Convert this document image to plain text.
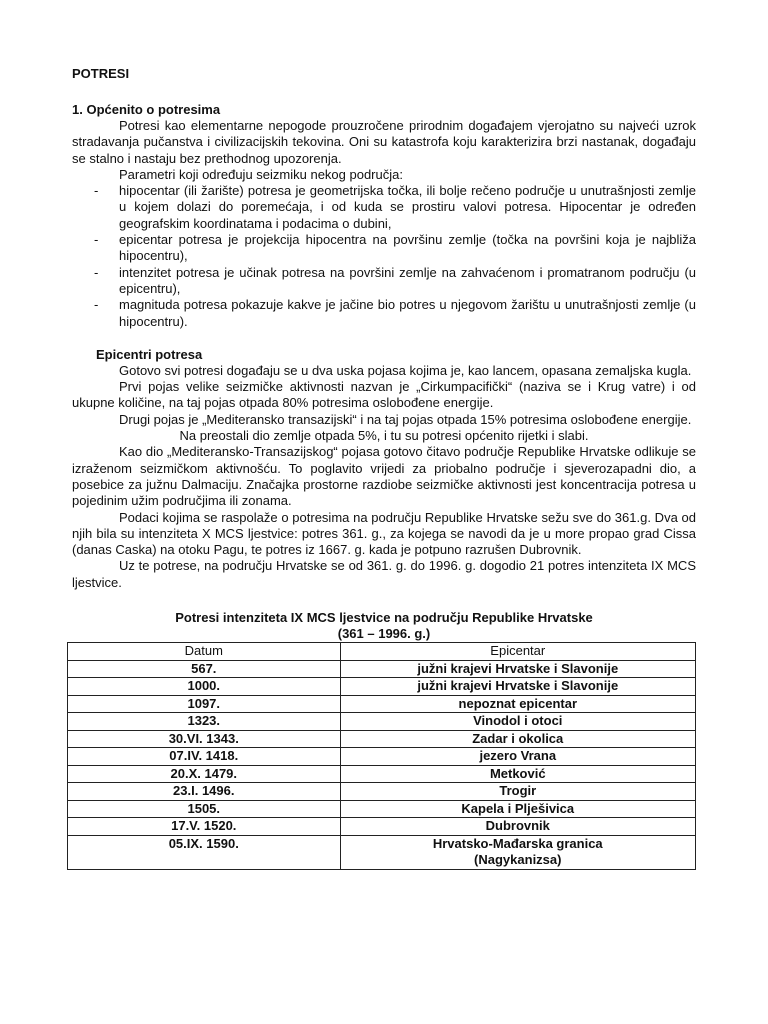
POTRESI

1. Općenito o potresima

Potresi kao elementarne nepogode prouzročene prirodnim događajem vjerojatno su najveći uzrok stradavanja pučanstva i civilizacijskih tekovina. Oni su katastrofa koju karakterizira brzi nastanak, događaju se stalno i nastaju bez prethodnog upozorenja.

Parametri koji određuju seizmiku nekog područja:

- hipocentar (ili žarište) potresa je geometrijska točka, ili bolje rečeno područje u unutrašnjosti zemlje u kojem dolazi do poremećaja, i od kuda se prostiru valovi potresa. Hipocentar je određen geografskim koordinatama i podacima o dubini,
- epicentar potresa je projekcija hipocentra na površinu zemlje (točka na površini koja je najbliža hipocentru),
- intenzitet potresa je učinak potresa na površini zemlje na zahvaćenom i promatranom području (u epicentru),
- magnituda potresa pokazuje kakve je jačine bio potres u njegovom žarištu u unutrašnjosti zemlje (u hipocentru).

Epicentri potresa

Gotovo svi potresi događaju se u dva uska pojasa kojima je, kao lancem, opasana zemaljska kugla.

Prvi pojas velike seizmičke aktivnosti nazvan je „Cirkumpacifički“ (naziva se i Krug vatre) i od ukupne količine, na taj pojas otpada 80% potresima oslobođene energije.

Drugi pojas je „Mediteransko transazijski“ i na taj pojas otpada 15% potresima oslobođene energije.

Na preostali dio zemlje otpada 5%, i tu su potresi općenito rijetki i slabi.

Kao dio „Mediteransko-Transazijskog“ pojasa gotovo čitavo područje Republike Hrvatske odlikuje se izraženom seizmičkom aktivnošću. To poglavito vrijedi za priobalno područje i sjeverozapadni dio, a posebice za južnu Dalmaciju. Značajka prostorne razdiobe seizmičke aktivnosti jest koncentracija potresa u pojedinim užim područjima ili zonama.

Podaci kojima se raspolaže o potresima na području Republike Hrvatske sežu sve do 361.g. Dva od njih bila su intenziteta X MCS ljestvice: potres 361. g., za kojega se navodi da je u more propao grad Cissa (danas Caska) na otoku Pagu, te potres iz 1667. g. kada je potpuno razrušen Dubrovnik.

Uz te potrese, na području Hrvatske se od 361. g. do 1996. g. dogodio 21 potres intenziteta IX MCS ljestvice.

Potresi intenziteta IX MCS ljestvice na području Republike Hrvatske
(361 – 1996. g.)
Datum	Epicentar
567.	južni krajevi Hrvatske i Slavonije
1000.	južni krajevi Hrvatske i Slavonije
1097.	nepoznat epicentar
1323.	Vinodol i otoci
30.VI. 1343.	Zadar i okolica
07.IV. 1418.	jezero Vrana
20.X. 1479.	Metković
23.I. 1496.	Trogir
1505.	Kapela i Plješivica
17.V. 1520.	Dubrovnik
05.IX. 1590.	Hrvatsko-Mađarska granica
(Nagykanizsa)
